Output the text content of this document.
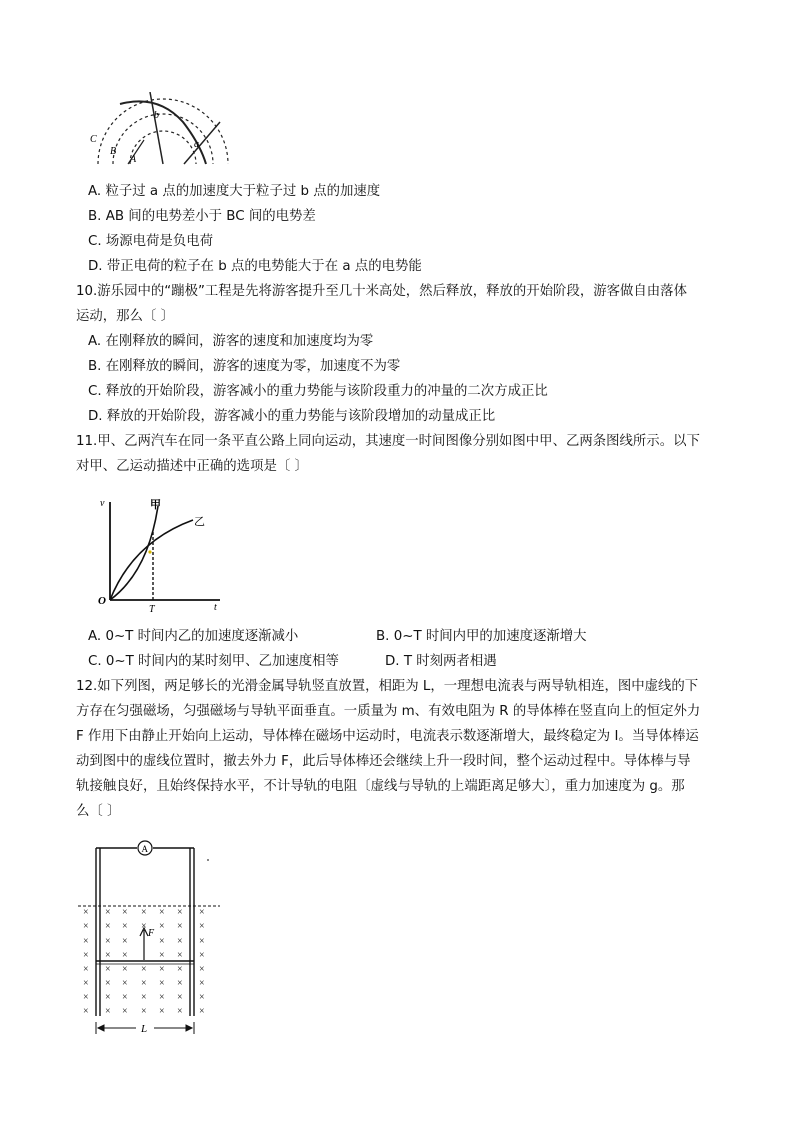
C
B
A
b
a
A. 粒子过 a 点的加速度大于粒子过 b 点的加速度
B. AB 间的电势差小于 BC 间的电势差
C. 场源电荷是负电荷
D. 带正电荷的粒子在 b 点的电势能大于在 a 点的电势能
10.游乐园中的“蹦极”工程是先将游客提升至几十米高处，然后释放，释放的开始阶段，游客做自由落体
运动，那么〔 〕
A. 在刚释放的瞬间，游客的速度和加速度均为零
B. 在刚释放的瞬间，游客的速度为零，加速度不为零
C. 释放的开始阶段，游客减小的重力势能与该阶段重力的冲量的二次方成正比
D. 释放的开始阶段，游客减小的重力势能与该阶段增加的动量成正比
11.甲、乙两汽车在同一条平直公路上同向运动，其速度一时间图像分别如图中甲、乙两条图线所示。以下
对甲、乙运动描述中正确的选项是〔 〕
v
t
O
T
甲
乙
A. 0~T 时间内乙的加速度逐渐减小	B. 0~T 时间内甲的加速度逐渐增大
C. 0~T 时间内的某时刻甲、乙加速度相等	D. T 时刻两者相遇
12.如下列图，两足够长的光滑金属导轨竖直放置，相距为 L，一理想电流表与两导轨相连，图中虚线的下
方存在匀强磁场，匀强磁场与导轨平面垂直。一质量为 m、有效电阻为 R 的导体棒在竖直向上的恒定外力
F 作用下由静止开始向上运动，导体棒在磁场中运动时，电流表示数逐渐增大，最终稳定为 I。当导体棒运
动到图中的虚线位置时，撤去外力 F，此后导体棒还会继续上升一段时间，整个运动过程中。导体棒与导
轨接触良好，且始终保持水平，不计导轨的电阻〔虚线与导轨的上端距离足够大〕，重力加速度为 g。那
么〔 〕
A
× × × × × × ×
× × × × × × ×
× × ×	× × ×
× × ×	× × ×
× × × × × × ×
× × × × × × ×
× × × × × × ×
× × × × × × ×
F
L
